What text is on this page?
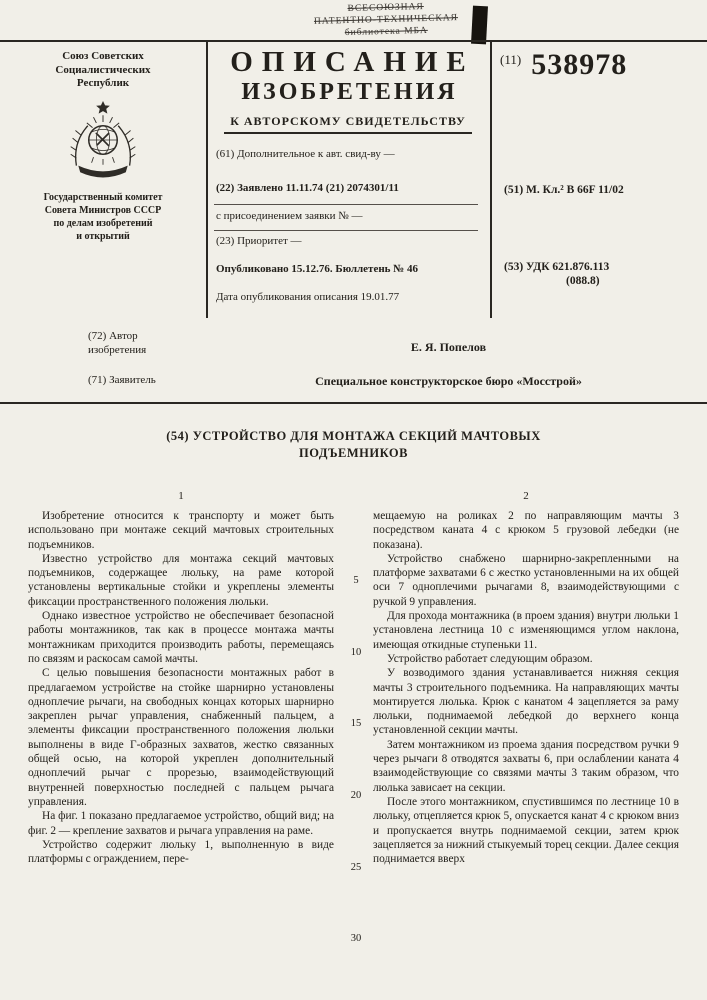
ВСЕСОЮЗНАЯ
ПАТЕНТНО-ТЕХНИЧЕСКАЯ
библиотека МБА
Союз Советских
Социалистических
Республик
Государственный комитет
Совета Министров СССР
по делам изобретений
и открытий
ОПИСАНИЕ
ИЗОБРЕТЕНИЯ
К АВТОРСКОМУ СВИДЕТЕЛЬСТВУ
(61) Дополнительное к авт. свид-ву —
(22) Заявлено 11.11.74 (21) 2074301/11
с присоединением заявки № —
(23) Приоритет —
Опубликовано 15.12.76. Бюллетень № 46
Дата опубликования описания 19.01.77
$^{(11)}$ 538978
(51) М. Кл.² B 66F 11/02
(53) УДК 621.876.113
(088.8)
(72) Автор
изобретения	Е. Я. Попелов
(71) Заявитель	Специальное конструкторское бюро «Мосстрой»
(54) УСТРОЙСТВО ДЛЯ МОНТАЖА СЕКЦИЙ МАЧТОВЫХ
ПОДЪЕМНИКОВ
1

Изобретение относится к транспорту и может быть использовано при монтаже секций мачтовых строительных подъемников.

Известно устройство для монтажа секций мачтовых подъемников, содержащее люльку, на раме которой установлены вертикальные стойки и укреплены элементы фиксации пространственного положения люльки.

Однако известное устройство не обеспечивает безопасной работы монтажников, так как в процессе монтажа мачты монтажникам приходится производить работы, перемещаясь по связям и раскосам самой мачты.

С целью повышения безопасности монтажных работ в предлагаемом устройстве на стойке шарнирно установлены одноплечие рычаги, на свободных концах которых шарнирно закреплен рычаг управления, снабженный пальцем, а элементы фиксации пространственного положения люльки выполнены в виде Г-образных захватов, жестко связанных общей осью, на которой укреплен дополнительный одноплечий рычаг с прорезью, взаимодействующий внутренней поверхностью последней с пальцем рычага управления.

На фиг. 1 показано предлагаемое устройство, общий вид; на фиг. 2 — крепление захватов и рычага управления на раме.

Устройство содержит люльку 1, выполненную в виде платформы с ограждением, пере-

2

мещаемую на роликах 2 по направляющим мачты 3 посредством каната 4 с крюком 5 грузовой лебедки (не показана).

Устройство снабжено шарнирно-закрепленными на платформе захватами 6 с жестко установленными на их общей оси 7 одноплечими рычагами 8, взаимодействующими с ручкой 9 управления.

Для прохода монтажника (в проем здания) внутри люльки 1 установлена лестница 10 с изменяющимся углом наклона, имеющая откидные ступеньки 11.

Устройство работает следующим образом.

У возводимого здания устанавливается нижняя секция мачты 3 строительного подъемника. На направляющих мачты монтируется люлька. Крюк с канатом 4 зацепляется за раму люльки, поднимаемой лебедкой до верхнего конца установленной секции мачты.

Затем монтажником из проема здания посредством ручки 9 через рычаги 8 отводятся захваты 6, при ослаблении каната 4 взаимодействующие со связями мачты 3 таким образом, что люлька зависает на секции.

После этого монтажником, спустившимся по лестнице 10 в люльку, отцепляется крюк 5, опускается канат 4 с крюком вниз и пропускается внутрь поднимаемой секции, затем крюк зацепляется за нижний стыкуемый торец секции. Далее секция поднимается вверх

5
10
15
20
25
30
